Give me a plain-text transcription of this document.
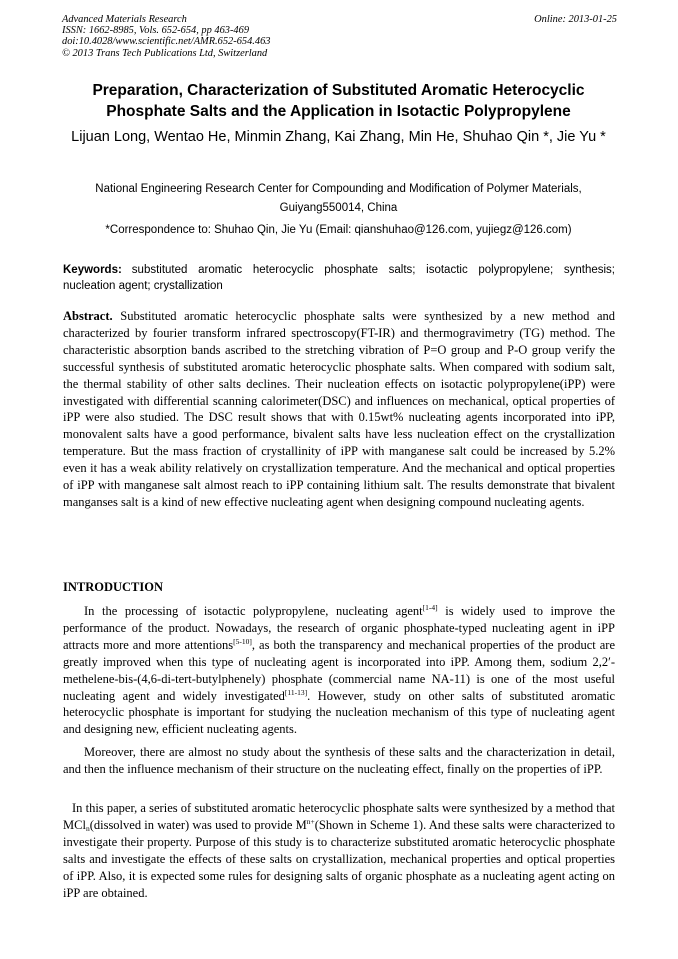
Advanced Materials Research
ISSN: 1662-8985, Vols. 652-654, pp 463-469
doi:10.4028/www.scientific.net/AMR.652-654.463
© 2013 Trans Tech Publications Ltd, Switzerland
Online: 2013-01-25
Preparation, Characterization of Substituted Aromatic Heterocyclic Phosphate Salts and the Application in Isotactic Polypropylene
Lijuan Long, Wentao He, Minmin Zhang, Kai Zhang, Min He, Shuhao Qin *, Jie Yu *
National Engineering Research Center for Compounding and Modification of Polymer Materials,
Guiyang550014, China
*Correspondence to: Shuhao Qin, Jie Yu (Email: qianshuhao@126.com, yujiegz@126.com)
Keywords: substituted aromatic heterocyclic phosphate salts; isotactic polypropylene; synthesis; nucleation agent; crystallization
Abstract. Substituted aromatic heterocyclic phosphate salts were synthesized by a new method and characterized by fourier transform infrared spectroscopy(FT-IR) and thermogravimetry (TG) method. The characteristic absorption bands ascribed to the stretching vibration of P=O group and P-O group verify the successful synthesis of substituted aromatic heterocyclic phosphate salts. When compared with sodium salt, the thermal stability of other salts declines. Their nucleation effects on isotactic polypropylene(iPP) were investigated with differential scanning calorimeter(DSC) and influences on mechanical, optical properties of iPP were also studied. The DSC result shows that with 0.15wt% nucleating agents incorporated into iPP, monovalent salts have a good performance, bivalent salts have less nucleation effect on the crystallization temperature. But the mass fraction of crystallinity of iPP with manganese salt could be increased by 5.2% even it has a weak ability relatively on crystallization temperature. And the mechanical and optical properties of iPP with manganese salt almost reach to iPP containing lithium salt. The results demonstrate that bivalent manganses salt is a kind of new effective nucleating agent when designing compound nucleating agents.
INTRODUCTION

In the processing of isotactic polypropylene, nucleating agent[1-4] is widely used to improve the performance of the product. Nowadays, the research of organic phosphate-typed nucleating agent in iPP attracts more and more attentions[5-10], as both the transparency and mechanical properties of the product are greatly improved when this type of nucleating agent is incorporated into iPP. Among them, sodium 2,2′-methelene-bis-(4,6-di-tert-butylphenely) phosphate (commercial name NA-11) is one of the most useful nucleating agent and widely investigated[11-13]. However, study on other salts of substituted aromatic heterocyclic phosphate is important for studying the nucleation mechanism of this type of nucleating agent and designing new, efficient nucleating agents.

Moreover, there are almost no study about the synthesis of these salts and the characterization in detail, and then the influence mechanism of their structure on the nucleating effect, finally on the properties of iPP.

In this paper, a series of substituted aromatic heterocyclic phosphate salts were synthesized by a method that MCl$_n$(dissolved in water) was used to provide $M^{n+}(Shown$ in Scheme 1). And these salts were characterized to investigate their property. Purpose of this study is to characterize substituted aromatic heterocyclic phosphate salts and investigate the effects of these salts on crystallization, mechanical properties and optical properties of iPP. Also, it is expected some rules for designing salts of organic phosphate as a nucleating agent acting on iPP are obtained.
